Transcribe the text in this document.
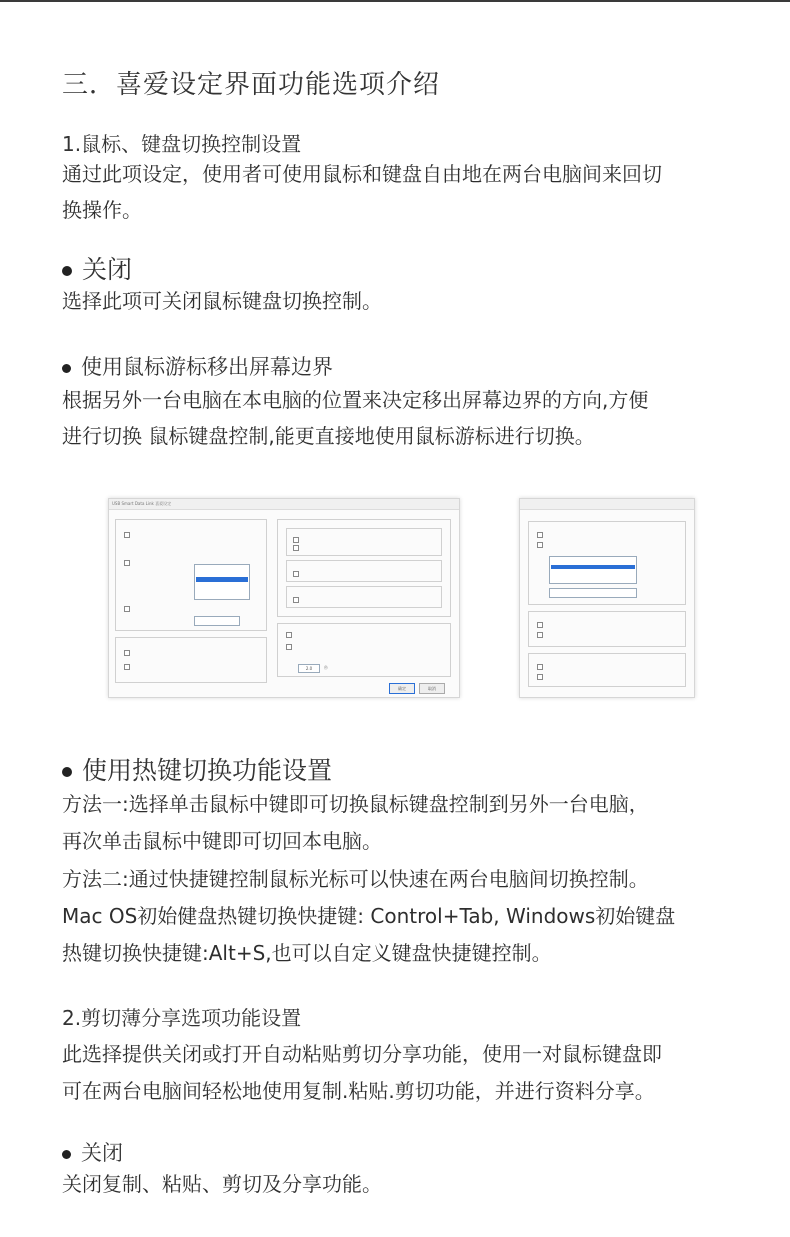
三．喜爱设定界面功能选项介绍
1.鼠标、键盘切换控制设置
通过此项设定，使用者可使用鼠标和键盘自由地在两台电脑间来回切
换操作。
关闭
选择此项可关闭鼠标键盘切换控制。
使用鼠标游标移出屏幕边界
根据另外一台电脑在本电脑的位置来决定移出屏幕边界的方向,方便
进行切换 鼠标键盘控制,能更直接地使用鼠标游标进行切换。
USB Smart Data Link 喜爱设定
2.0	秒
确定	取消
使用热键切换功能设置
方法一:选择单击鼠标中键即可切换鼠标键盘控制到另外一台电脑，
再次单击鼠标中键即可切回本电脑。
方法二:通过快捷键控制鼠标光标可以快速在两台电脑间切换控制。
Mac OS初始健盘热键切换快捷键: Control+Tab, Windows初始键盘
热键切换快捷键:Alt+S,也可以自定义键盘快捷键控制。
2.剪切薄分享选项功能设置
此选择提供关闭或打开自动粘贴剪切分享功能，使用一对鼠标键盘即
可在两台电脑间轻松地使用复制.粘贴.剪切功能，并进行资料分享。
关闭
关闭复制、粘贴、剪切及分享功能。
